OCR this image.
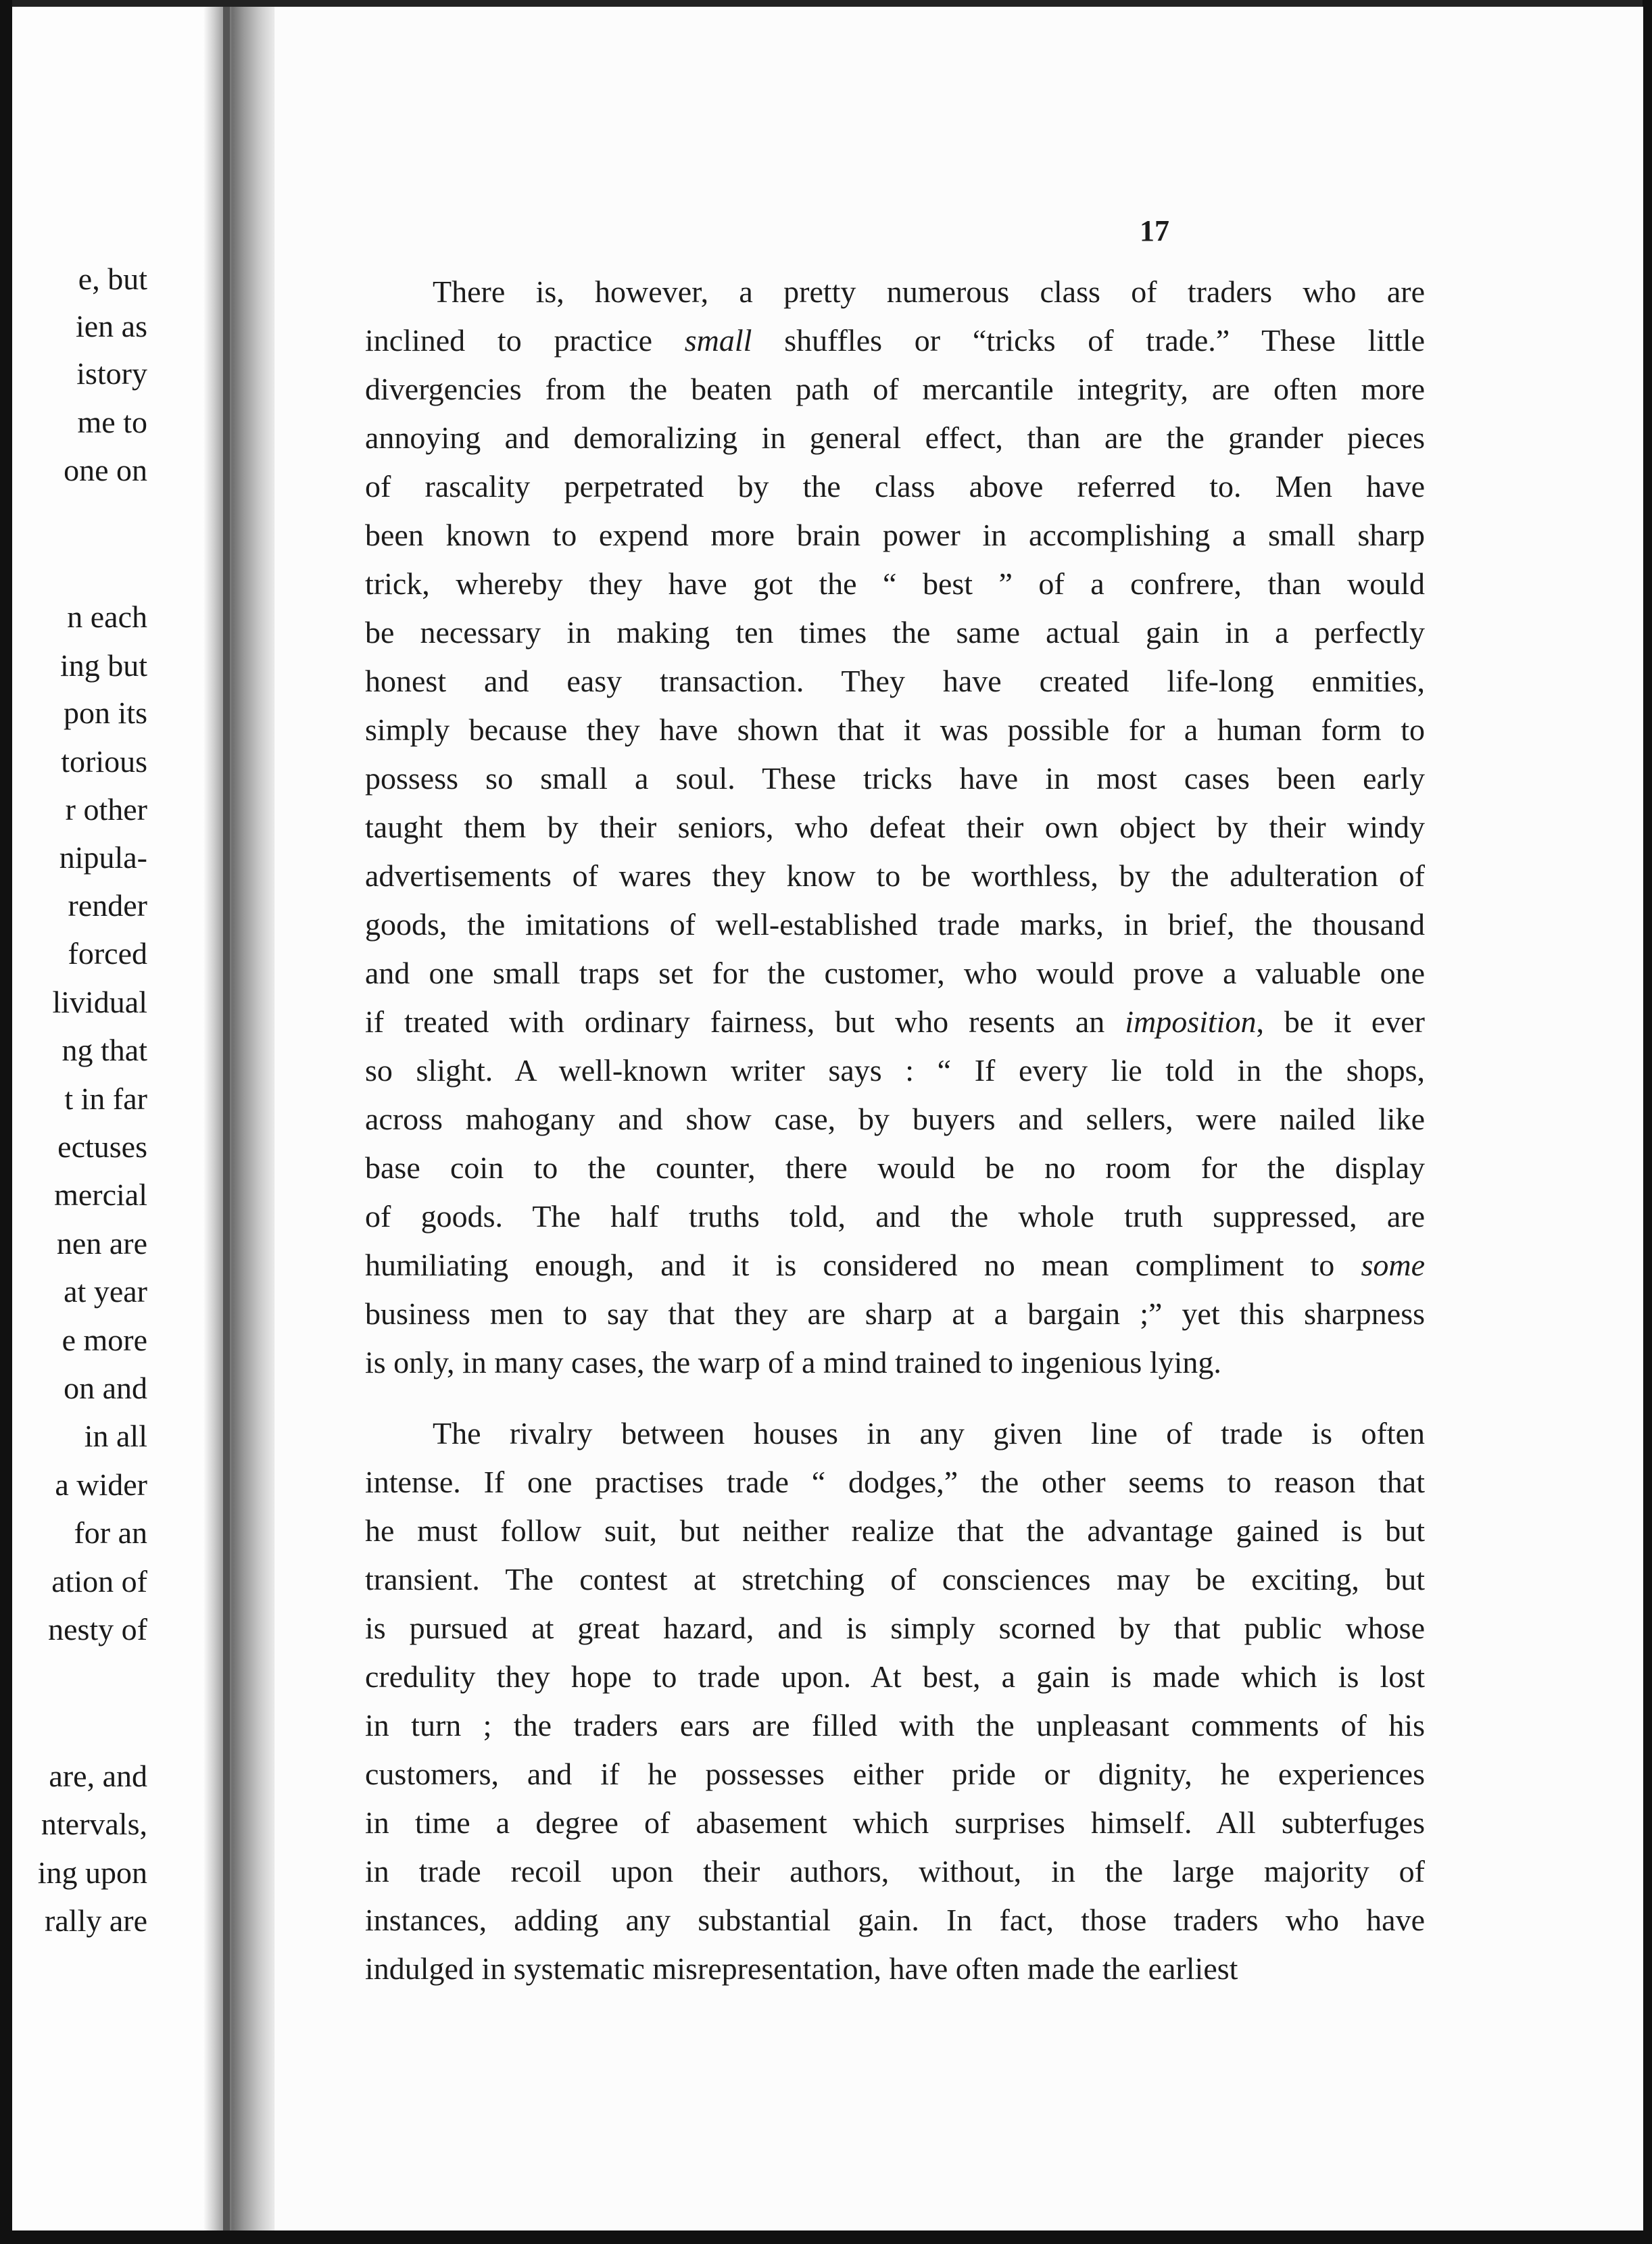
e, but
ien as
istory
me to
one on
n each
ing but
pon its
torious
r other
nipula-
render
forced
lividual
ng that
t in far
ectuses
mercial
nen are
at year
e more
on and
in all
a wider
for an
ation of
nesty of
are, and
ntervals,
ing upon
rally are
17
There is, however, a pretty numerous class of traders who are
inclined to practice small shuffles or “tricks of trade.” These little
divergencies from the beaten path of mercantile integrity, are often more
annoying and demoralizing in general effect, than are the grander pieces
of rascality perpetrated by the class above referred to. Men have
been known to expend more brain power in accomplishing a small sharp
trick, whereby they have got the “ best ” of a confrere, than would
be necessary in making ten times the same actual gain in a perfectly
honest and easy transaction. They have created life-long enmities,
simply because they have shown that it was possible for a human form to
possess so small a soul. These tricks have in most cases been early
taught them by their seniors, who defeat their own object by their windy
advertisements of wares they know to be worthless, by the adulteration of
goods, the imitations of well-established trade marks, in brief, the thousand
and one small traps set for the customer, who would prove a valuable one
if treated with ordinary fairness, but who resents an imposition, be it ever
so slight. A well-known writer says : “ If every lie told in the shops,
across mahogany and show case, by buyers and sellers, were nailed like
base coin to the counter, there would be no room for the display
of goods. The half truths told, and the whole truth suppressed, are
humiliating enough, and it is considered no mean compliment to some
business men to say that they are sharp at a bargain ;” yet this sharpness
is only, in many cases, the warp of a mind trained to ingenious lying.
The rivalry between houses in any given line of trade is often
intense. If one practises trade “ dodges,” the other seems to reason that
he must follow suit, but neither realize that the advantage gained is but
transient. The contest at stretching of consciences may be exciting, but
is pursued at great hazard, and is simply scorned by that public whose
credulity they hope to trade upon. At best, a gain is made which is lost
in turn ; the traders ears are filled with the unpleasant comments of his
customers, and if he possesses either pride or dignity, he experiences
in time a degree of abasement which surprises himself. All subterfuges
in trade recoil upon their authors, without, in the large majority of
instances, adding any substantial gain. In fact, those traders who have
indulged in systematic misrepresentation, have often made the earliest
